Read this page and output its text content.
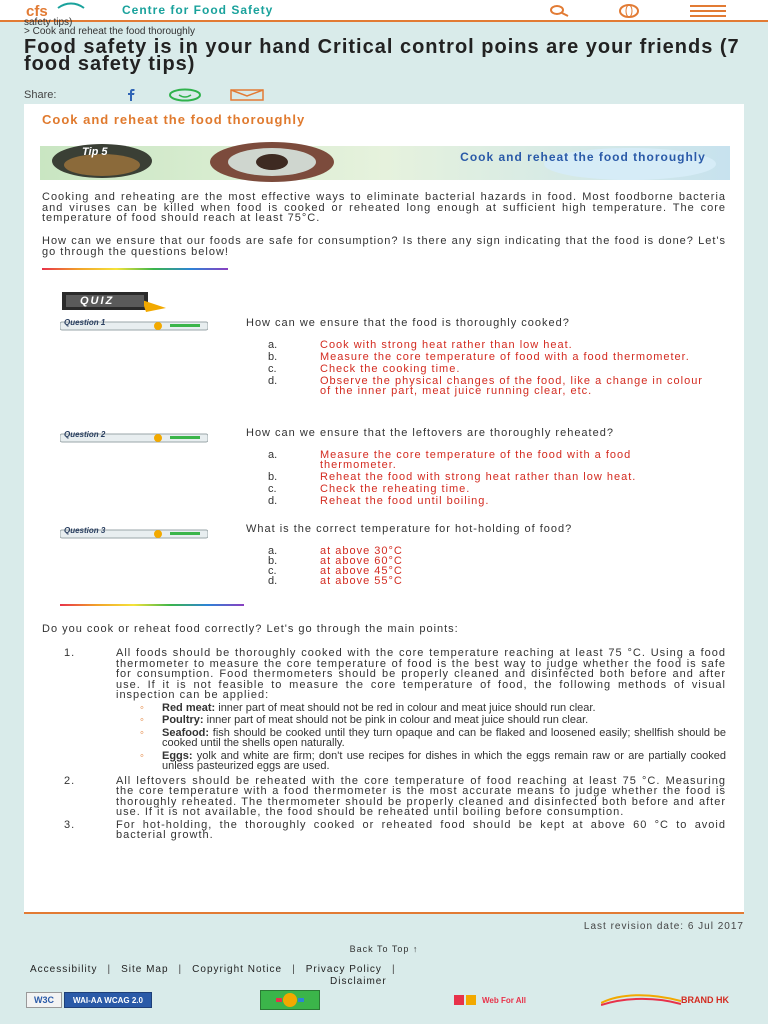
cfs	Centre for Food Safety
safety tips)
> Cook and reheat the food thoroughly
Food safety is in your hand Critical control poins are your friends (7 food safety tips)
Share:
Cook and reheat the food thoroughly
Tip 5	Cook and reheat the food thoroughly

Cooking and reheating are the most effective ways to eliminate bacterial hazards in food. Most foodborne bacteria and viruses can be killed when food is cooked or reheated long enough at sufficient high temperature. The core temperature of food should reach at least 75°C.

How can we ensure that our foods are safe for consumption? Is there any sign indicating that the food is done? Let's go through the questions below!

QUIZ
Question 1	How can we ensure that the food is thoroughly cooked?
a.	Cook with strong heat rather than low heat.
b.	Measure the core temperature of food with a food thermometer.
c.	Check the cooking time.
d.	Observe the physical changes of the food, like a change in colour of the inner part, meat juice running clear, etc.
Question 2	How can we ensure that the leftovers are thoroughly reheated?
a.	Measure the core temperature of the food with a food thermometer.
b.	Reheat the food with strong heat rather than low heat.
c.	Check the reheating time.
d.	Reheat the food until boiling.
Question 3	What is the correct temperature for hot-holding of food?
a.	at above 30°C
b.	at above 60°C
c.	at above 45°C
d.	at above 55°C

Do you cook or reheat food correctly? Let's go through the main points:

1.	All foods should be thoroughly cooked with the core temperature reaching at least 75 °C. Using a food thermometer to measure the core temperature of food is the best way to judge whether the food is safe for consumption. Food thermometers should be properly cleaned and disinfected both before and after use. If it is not feasible to measure the core temperature of food, the following methods of visual inspection can be applied:
◦	Red meat: inner part of meat should not be red in colour and meat juice should run clear.
◦	Poultry: inner part of meat should not be pink in colour and meat juice should run clear.
◦	Seafood: fish should be cooked until they turn opaque and can be flaked and loosened easily; shellfish should be cooked until the shells open naturally.
◦	Eggs: yolk and white are firm; don't use recipes for dishes in which the eggs remain raw or are partially cooked unless pasteurized eggs are used.
2.	All leftovers should be reheated with the core temperature of food reaching at least 75 °C. Measuring the core temperature with a food thermometer is the most accurate means to judge whether the food is thoroughly reheated. The thermometer should be properly cleaned and disinfected both before and after use. If it is not available, the food should be reheated until boiling before consumption.
3.	For hot-holding, the thoroughly cooked or reheated food should be kept at above 60 °C to avoid bacterial growth.
Last revision date: 6 Jul 2017
Back To Top ↑
Accessibility | Site Map | Copyright Notice | Privacy Policy |
Disclaimer
W3C	WAI-AA WCAG 2.0	Web For All	BRAND HK
